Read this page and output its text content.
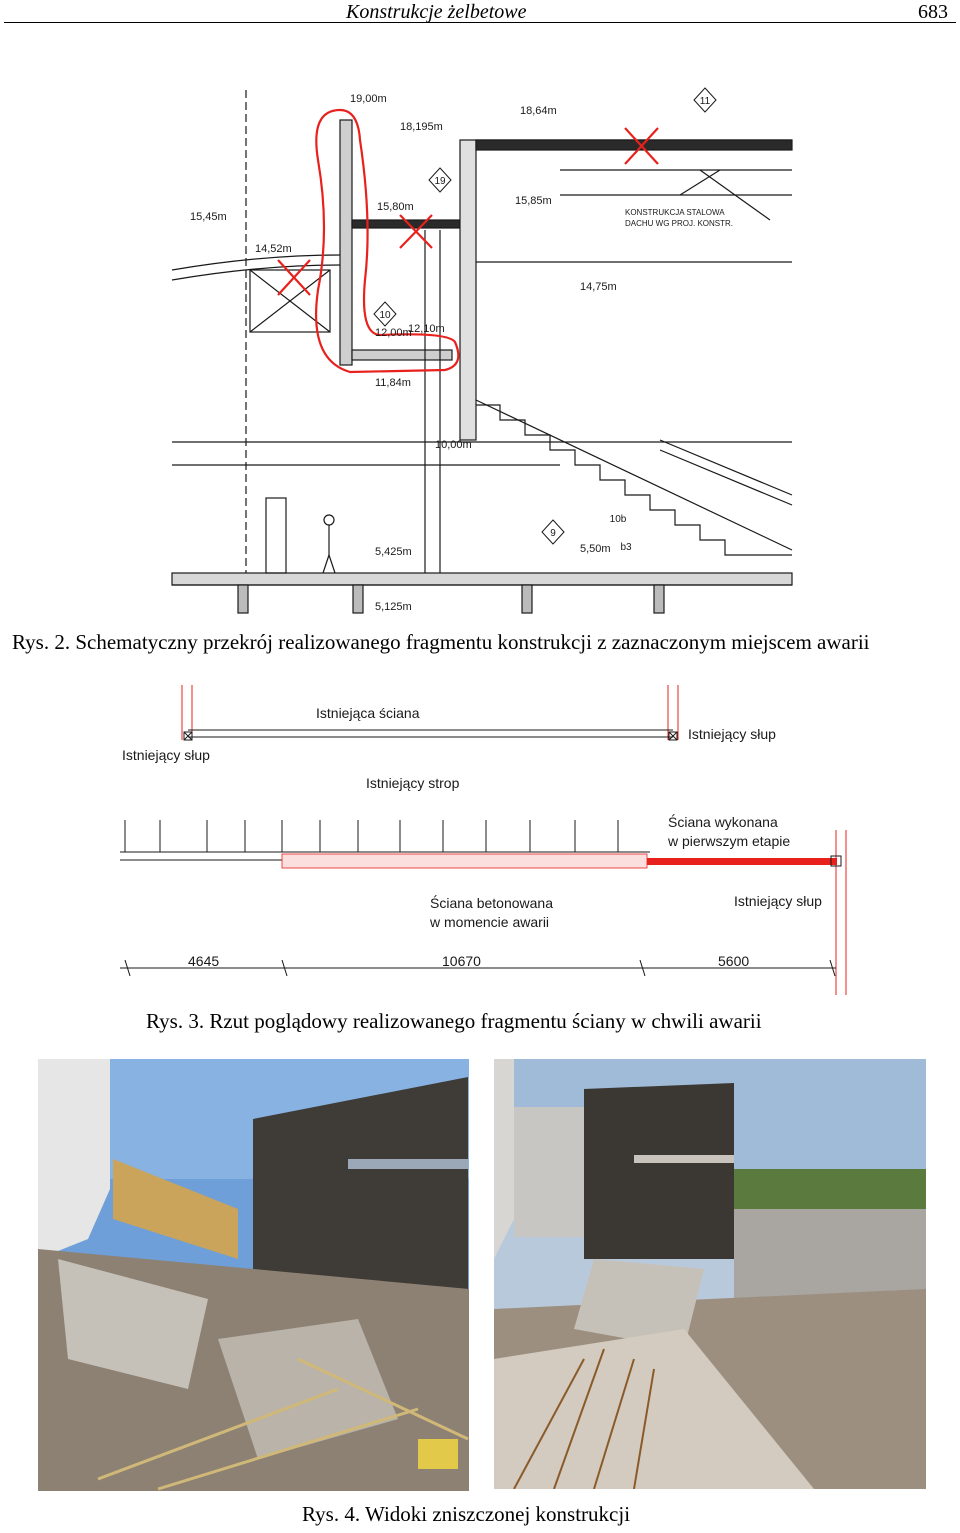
Konstrukcje żelbetowe	683
19,00m
18,64m
18,195m
15,85m
15,80m
15,45m
14,75m
14,52m
12,10m
12,00m
11,84m
10,00m
5,50m
5,425m
5,125m
KONSTRUKCJA STALOWA
DACHU WG PROJ. KONSTR.
11
19
10
9
10b
b3
Rys. 2. Schematyczny przekrój realizowanego fragmentu konstrukcji z zaznaczonym miejscem awarii
Istniejąca ściana
Istniejący słup
Istniejący słup
Istniejący strop
Ściana wykonana
w pierwszym etapie
Ściana betonowana
w momencie awarii
Istniejący słup
4645	10670	5600
Rys. 3. Rzut poglądowy realizowanego fragmentu ściany w chwili awarii
Rys. 4. Widoki zniszczonej konstrukcji
